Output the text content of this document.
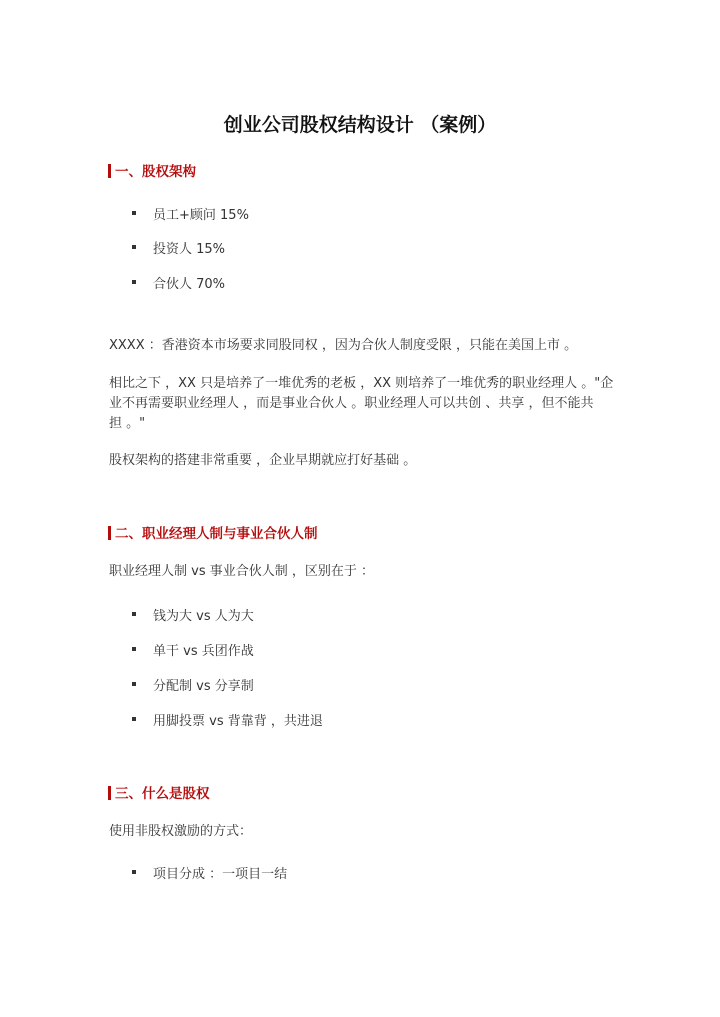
创业公司股权结构设计 （案例）
一、股权架构
员工+顾问 15%
投资人 15%
合伙人 70%
XXXX ：香港资本市场要求同股同权 ，因为合伙人制度受限 ，只能在美国上市 。
相比之下 ，XX 只是培养了一堆优秀的老板 ，XX 则培养了一堆优秀的职业经理人 。"企
业不再需要职业经理人 ，而是事业合伙人 。职业经理人可以共创 、共享 ，但不能共
担 。"
股权架构的搭建非常重要 ，企业早期就应打好基础 。
二、职业经理人制与事业合伙人制
职业经理人制 vs 事业合伙人制 ，区别在于 ：
钱为大 vs 人为大
单干 vs 兵团作战
分配制 vs 分享制
用脚投票 vs 背靠背 ，共进退
三、什么是股权
使用非股权激励的方式：
项目分成 ：一项目一结
